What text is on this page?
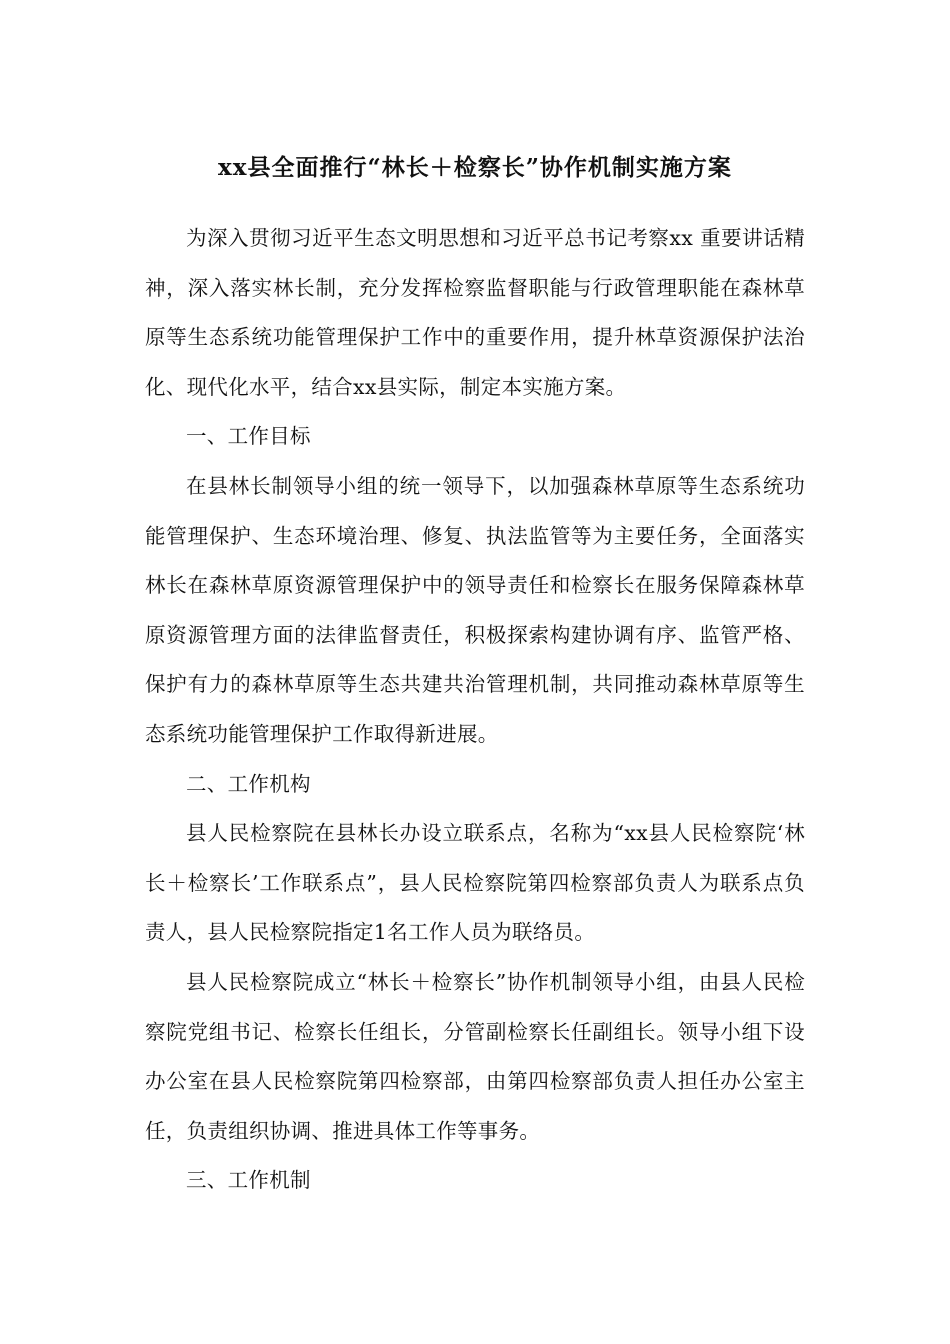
xx县全面推行“林长＋检察长”协作机制实施方案

为深入贯彻习近平生态文明思想和习近平总书记考察xx 重要讲话精神，深入落实林长制，充分发挥检察监督职能与行政管理职能在森林草原等生态系统功能管理保护工作中的重要作用，提升林草资源保护法治化、现代化水平，结合xx县实际，制定本实施方案。

一、工作目标

在县林长制领导小组的统一领导下，以加强森林草原等生态系统功能管理保护、生态环境治理、修复、执法监管等为主要任务，全面落实林长在森林草原资源管理保护中的领导责任和检察长在服务保障森林草原资源管理方面的法律监督责任，积极探索构建协调有序、监管严格、保护有力的森林草原等生态共建共治管理机制，共同推动森林草原等生态系统功能管理保护工作取得新进展。

二、工作机构

县人民检察院在县林长办设立联系点，名称为“xx县人民检察院‘林长＋检察长’工作联系点”，县人民检察院第四检察部负责人为联系点负责人，县人民检察院指定1名工作人员为联络员。

县人民检察院成立“林长＋检察长”协作机制领导小组，由县人民检察院党组书记、检察长任组长，分管副检察长任副组长。领导小组下设办公室在县人民检察院第四检察部，由第四检察部负责人担任办公室主任，负责组织协调、推进具体工作等事务。

三、工作机制
